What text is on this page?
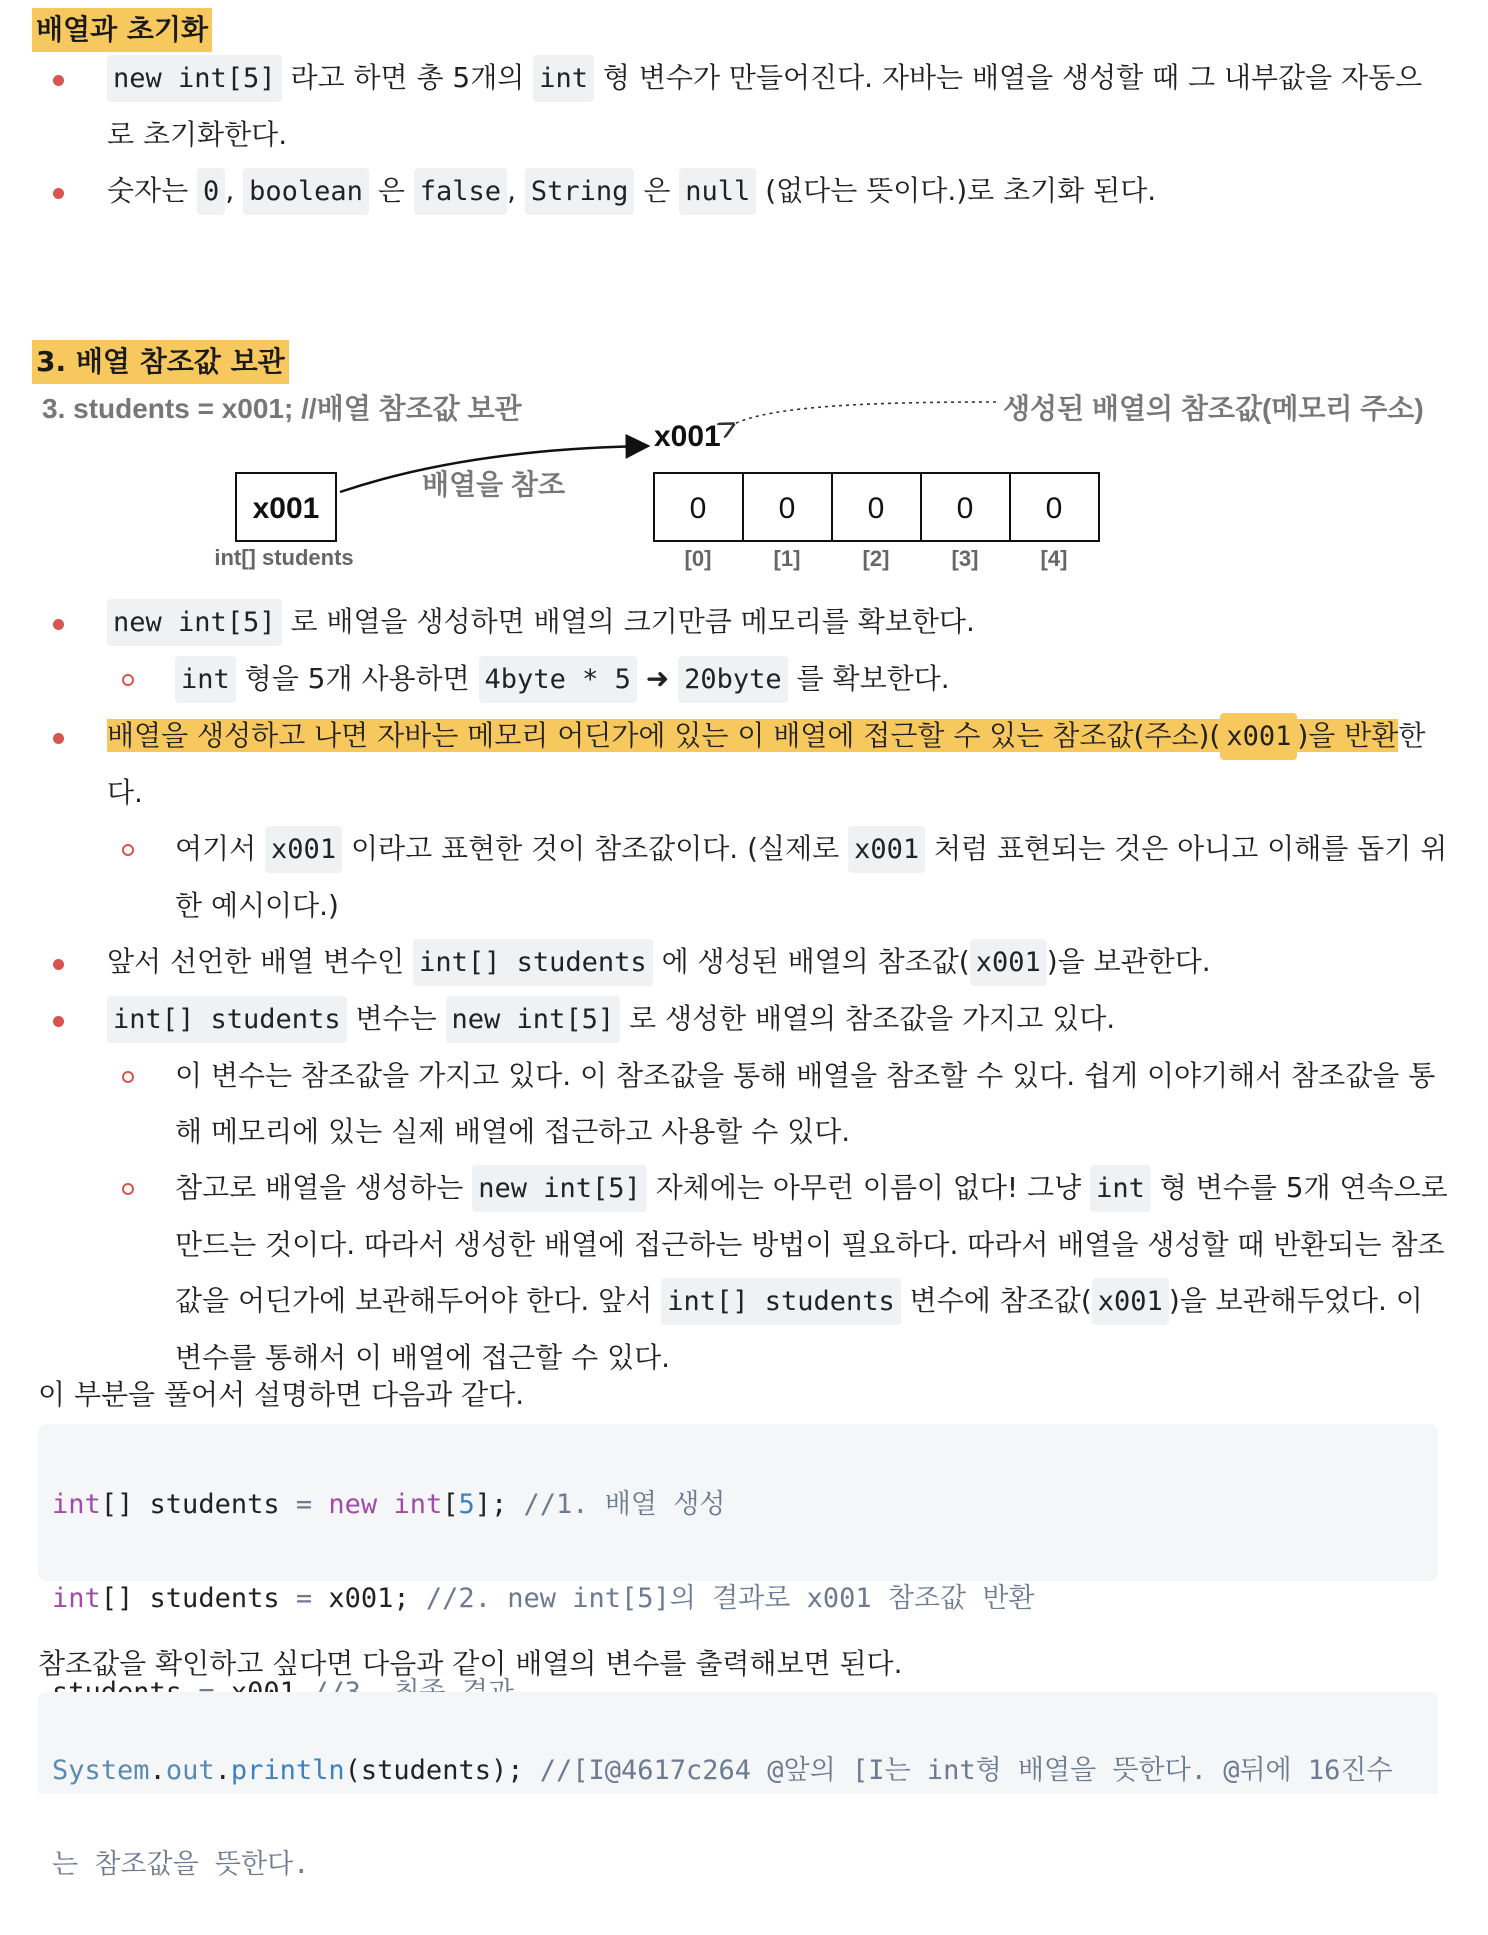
배열과 초기화
new int[5] 라고 하면 총 5개의 int 형 변수가 만들어진다. 자바는 배열을 생성할 때 그 내부값을 자동으로 초기화한다.
숫자는 0 , boolean 은 false , String 은 null (없다는 뜻이다.)로 초기화 된다.
3. 배열 참조값 보관
3. students = x001; //배열 참조값 보관	생성된 배열의 참조값(메모리 주소)
x001
배열을 참조
x001
int[] students
0 0 0 0 0
[0]	[1]	[2]	[3]	[4]
new int[5] 로 배열을 생성하면 배열의 크기만큼 메모리를 확보한다.
int 형을 5개 사용하면 4byte * 5 ➜ 20byte 를 확보한다.
배열을 생성하고 나면 자바는 메모리 어딘가에 있는 이 배열에 접근할 수 있는 참조값(주소)( x001 )을 반환한다.
여기서 x001 이라고 표현한 것이 참조값이다. (실제로 x001 처럼 표현되는 것은 아니고 이해를 돕기 위한 예시이다.)
앞서 선언한 배열 변수인 int[] students 에 생성된 배열의 참조값( x001 )을 보관한다.
int[] students 변수는 new int[5] 로 생성한 배열의 참조값을 가지고 있다.
이 변수는 참조값을 가지고 있다. 이 참조값을 통해 배열을 참조할 수 있다. 쉽게 이야기해서 참조값을 통해 메모리에 있는 실제 배열에 접근하고 사용할 수 있다.
참고로 배열을 생성하는 new int[5] 자체에는 아무런 이름이 없다! 그냥 int 형 변수를 5개 연속으로 만드는 것이다. 따라서 생성한 배열에 접근하는 방법이 필요하다. 따라서 배열을 생성할 때 반환되는 참조값을 어딘가에 보관해두어야 한다. 앞서 int[] students 변수에 참조값( x001 )을 보관해두었다. 이 변수를 통해서 이 배열에 접근할 수 있다.
이 부분을 풀어서 설명하면 다음과 같다.

int[] students = new int[5]; //1. 배열 생성

int[] students = x001; //2. new int[5]의 결과로 x001 참조값 반환

참조값을 확인하고 싶다면 다음과 같이 배열의 변수를 출력해보면 된다.

System.out.println(students); //[I@4617c264 @앞의 [I는 int형 배열을 뜻한다. @뒤에 16진수

는 참조값을 뜻한다.
